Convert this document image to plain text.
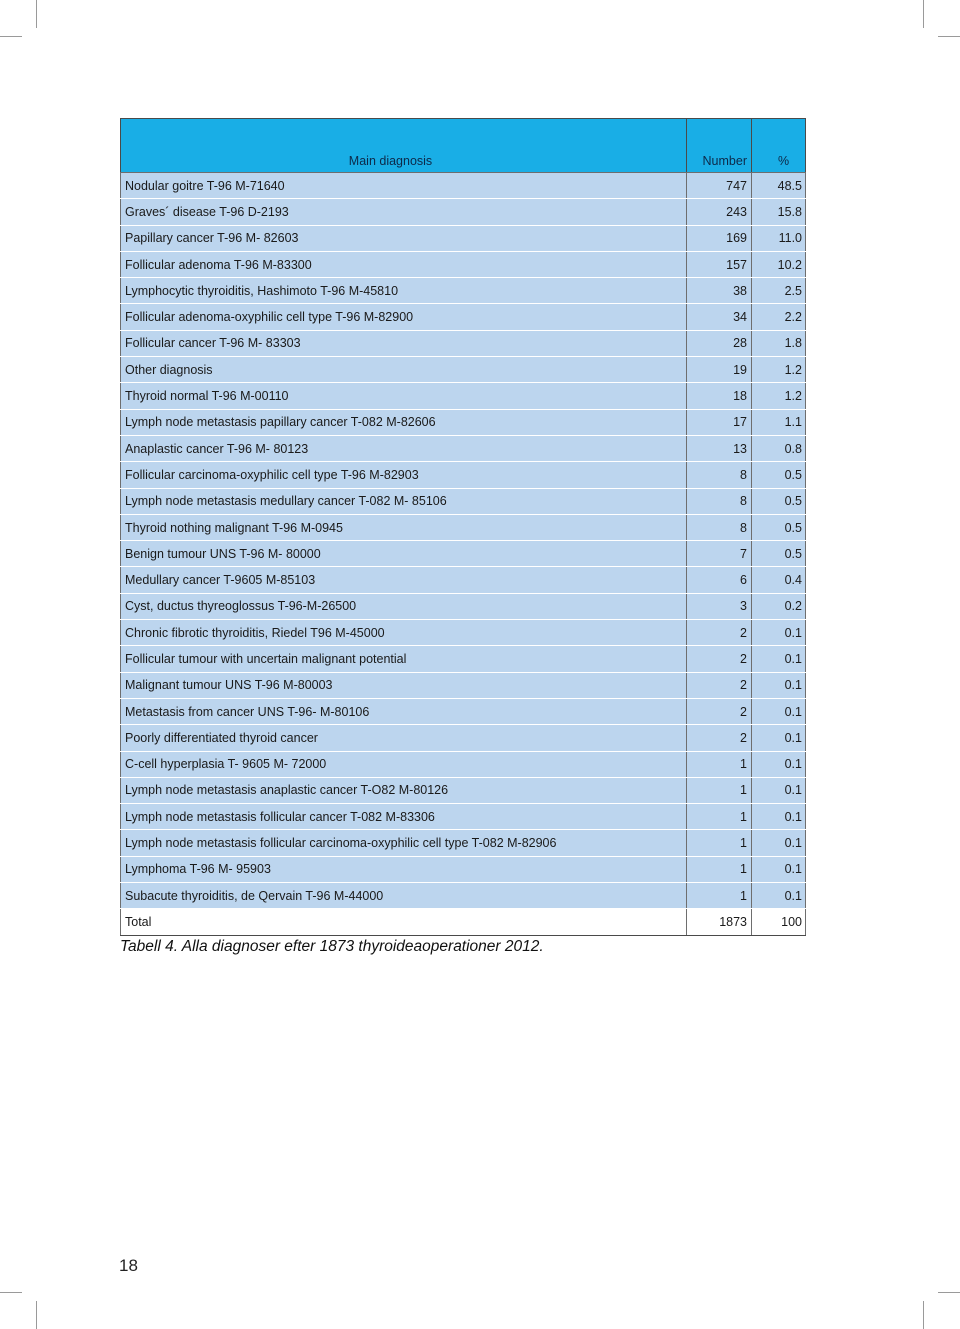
Main diagnosis	Number	%
Nodular goitre T-96 M-71640	747	48.5
Graves´ disease T-96 D-2193	243	15.8
Papillary cancer T-96 M- 82603	169	11.0
Follicular adenoma T-96 M-83300	157	10.2
Lymphocytic thyroiditis, Hashimoto T-96 M-45810	38	2.5
Follicular adenoma-oxyphilic cell type T-96 M-82900	34	2.2
Follicular cancer T-96 M- 83303	28	1.8
Other diagnosis	19	1.2
Thyroid normal T-96 M-00110	18	1.2
Lymph node metastasis papillary cancer T-082 M-82606	17	1.1
Anaplastic cancer T-96 M- 80123	13	0.8
Follicular carcinoma-oxyphilic cell type T-96 M-82903	8	0.5
Lymph node metastasis medullary cancer T-082 M- 85106	8	0.5
Thyroid nothing malignant T-96 M-0945	8	0.5
Benign tumour UNS T-96 M- 80000	7	0.5
Medullary cancer T-9605 M-85103	6	0.4
Cyst, ductus thyreoglossus T-96-M-26500	3	0.2
Chronic fibrotic thyroiditis, Riedel T96 M-45000	2	0.1
Follicular tumour with uncertain malignant potential	2	0.1
Malignant tumour UNS T-96 M-80003	2	0.1
Metastasis from cancer UNS T-96- M-80106	2	0.1
Poorly differentiated thyroid cancer	2	0.1
C-cell hyperplasia T- 9605 M- 72000	1	0.1
Lymph node metastasis anaplastic cancer T-O82 M-80126	1	0.1
Lymph node metastasis follicular cancer T-082 M-83306	1	0.1
Lymph node metastasis follicular carcinoma-oxyphilic cell type T-082 M-82906	1	0.1
Lymphoma T-96 M- 95903	1	0.1
Subacute thyroiditis, de Qervain T-96 M-44000	1	0.1
Total	1873	100
Tabell 4. Alla diagnoser efter 1873 thyroideaoperationer 2012.
18
